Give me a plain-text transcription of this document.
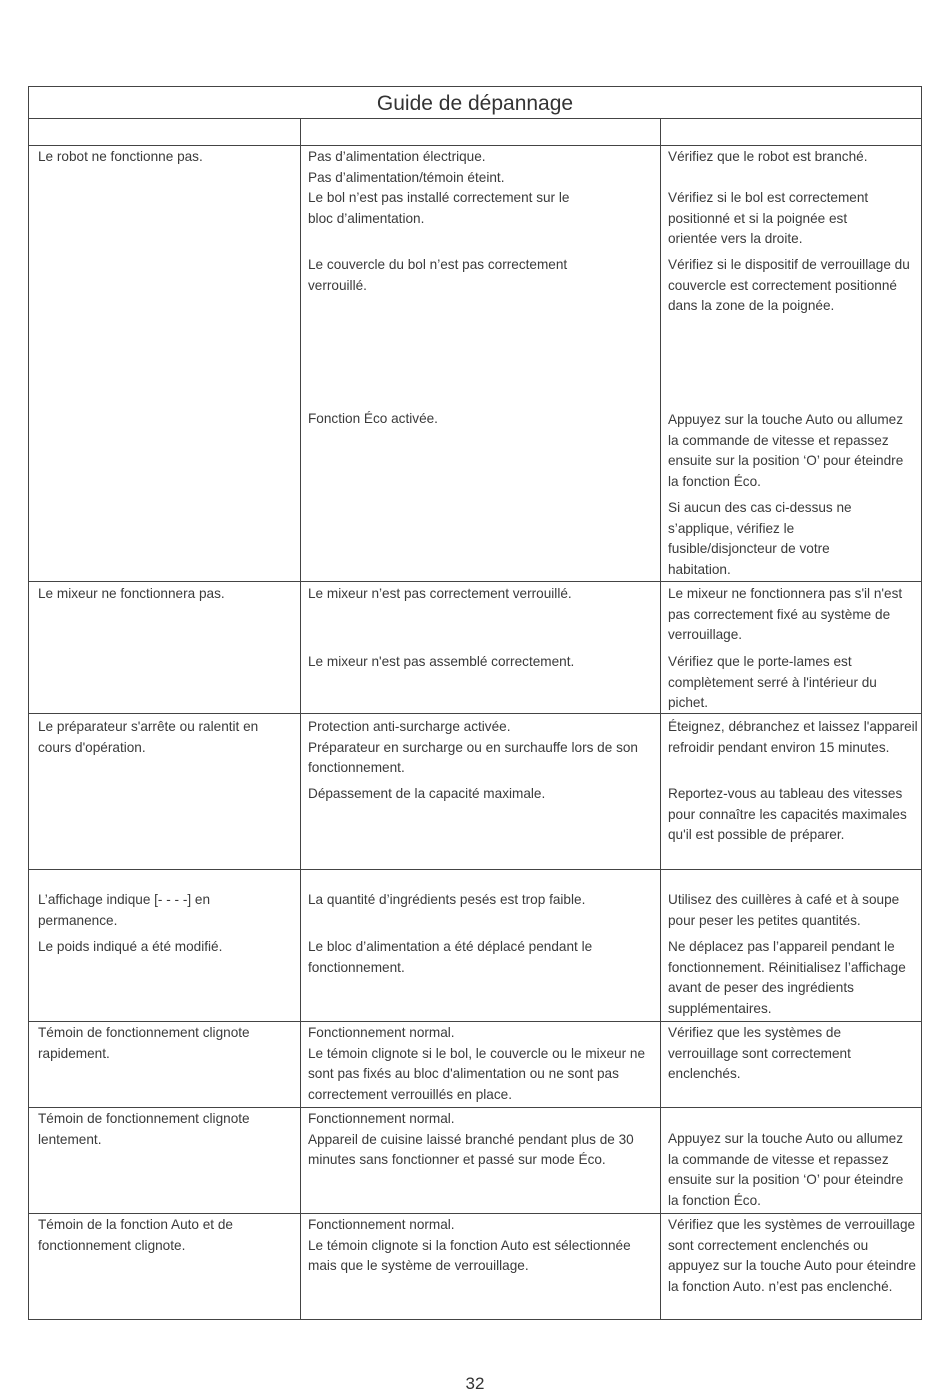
Guide de dépannage

Le robot ne fonctionne pas.	Pas d’alimentation électrique.

Pas d’alimentation/témoin éteint.

Le bol n’est pas installé correctement sur le bloc d’alimentation.

Le couvercle du bol n’est pas correctement verrouillé.

Fonction Éco activée.

Vérifiez que le robot est branché.

Vérifiez si le bol est correctement positionné et si la poignée est orientée vers la droite.

Vérifiez si le dispositif de verrouillage du couvercle est correctement positionné dans la zone de la poignée.

Appuyez sur la touche Auto ou allumez la commande de vitesse et repassez ensuite sur la position ‘O’ pour éteindre la fonction Éco.

Si aucun des cas ci-dessus ne s’applique, vérifiez le fusible/disjoncteur de votre habitation.

Le mixeur ne fonctionnera pas.	Le mixeur n’est pas correctement verrouillé.

Le mixeur n'est pas assemblé correctement.

Le mixeur ne fonctionnera pas s'il n'est pas correctement fixé au système de verrouillage.

Vérifiez que le porte-lames est complètement serré à l'intérieur du pichet.

Le préparateur s'arrête ou ralentit en cours d'opération.

Protection anti-surcharge activée.

Préparateur en surcharge ou en surchauffe lors de son fonctionnement.

Dépassement de la capacité maximale.

Éteignez, débranchez et laissez l'appareil refroidir pendant environ 15 minutes.

Reportez-vous au tableau des vitesses pour connaître les capacités maximales qu'il est possible de préparer.

L’affichage indique [- - - -] en permanence.

Le poids indiqué a été modifié.

La quantité d’ingrédients pesés est trop faible.

Le bloc d’alimentation a été déplacé pendant le fonctionnement.

Utilisez des cuillères à café et à soupe pour peser les petites quantités.

Ne déplacez pas l’appareil pendant le fonctionnement. Réinitialisez l’affichage avant de peser des ingrédients supplémentaires.

Témoin de fonctionnement clignote rapidement.

Fonctionnement normal.

Le témoin clignote si le bol, le couvercle ou le mixeur ne sont pas fixés au bloc d'alimentation ou ne sont pas correctement verrouillés en place.

Vérifiez que les systèmes de verrouillage sont correctement enclenchés.

Témoin de fonctionnement clignote lentement.

Fonctionnement normal.

Appareil de cuisine laissé branché pendant plus de 30 minutes sans fonctionner et passé sur mode Éco.

Appuyez sur la touche Auto ou allumez la commande de vitesse et repassez ensuite sur la position ‘O’ pour éteindre la fonction Éco.

Témoin de la fonction Auto et de fonctionnement clignote.

Fonctionnement normal.

Le témoin clignote si la fonction Auto est sélectionnée mais que le système de verrouillage.

Vérifiez que les systèmes de verrouillage sont correctement enclenchés ou appuyez sur la touche Auto pour éteindre la fonction Auto. n’est pas enclenché.

32
